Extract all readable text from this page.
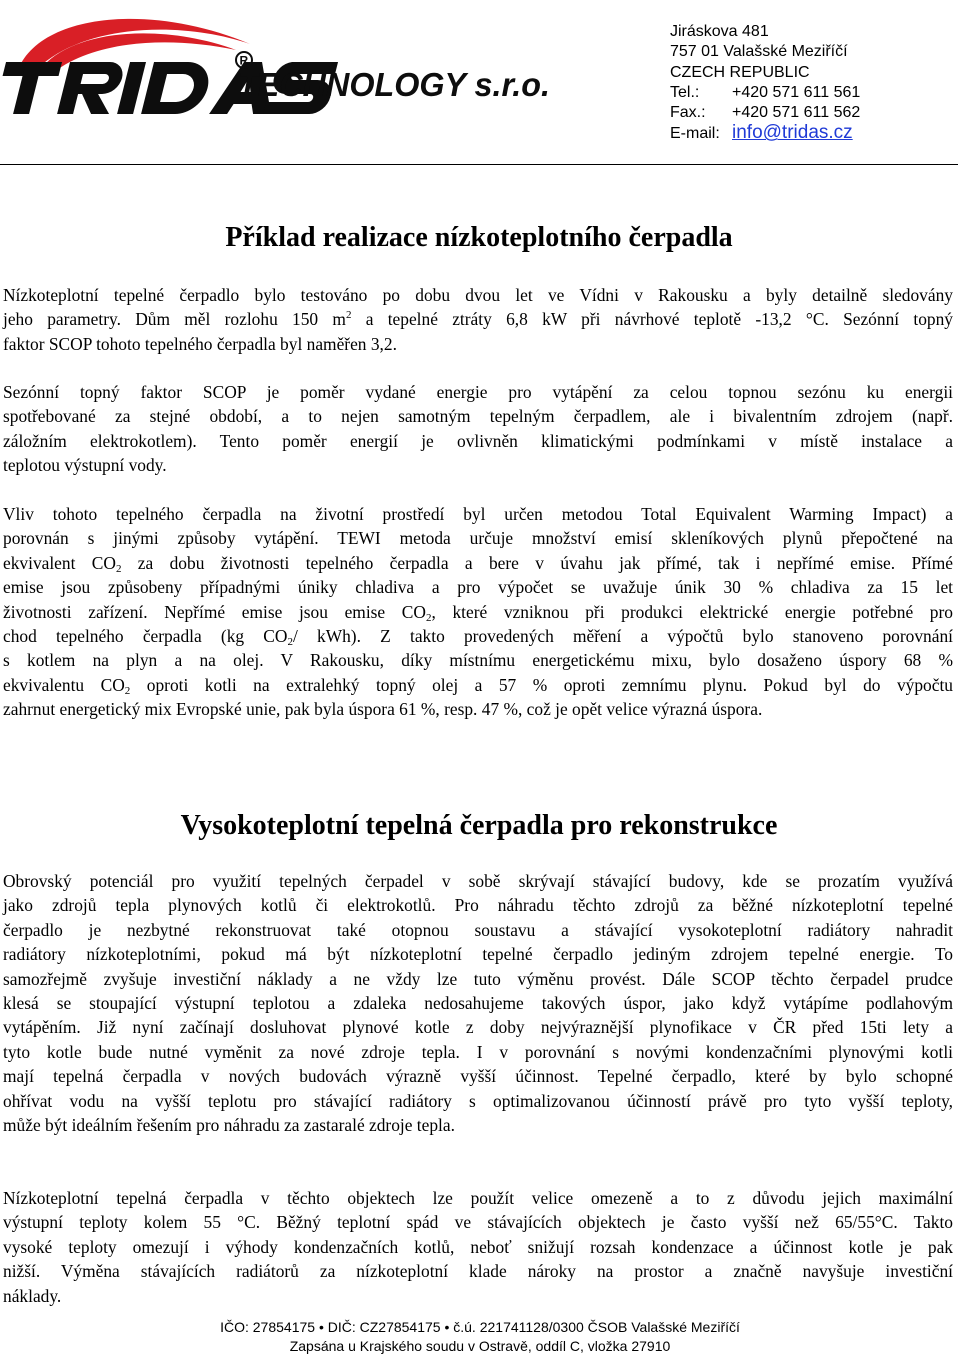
R
TECHNOLOGY s.r.o.
Jiráskova 481
757 01 Valašské Meziříčí
CZECH REPUBLIC
Tel.: +420 571 611 561
Fax.: +420 571 611 562
E-mail: info@tridas.cz
Příklad realizace nízkoteplotního čerpadla
Nízkoteplotní tepelné čerpadlo bylo testováno po dobu dvou let ve Vídni v Rakousku a byly detailně sledovány
jeho parametry. Dům měl rozlohu 150 $m^2$ a tepelné ztráty 6,8 kW při návrhové teplotě -13,2 °C. Sezónní topný
faktor SCOP tohoto tepelného čerpadla byl naměřen 3,2.
Sezónní topný faktor SCOP je poměr vydané energie pro vytápění za celou topnou sezónu ku energii
spotřebované za stejné období, a to nejen samotným tepelným čerpadlem, ale i bivalentním zdrojem (např.
záložním elektrokotlem). Tento poměr energií je ovlivněn klimatickými podmínkami v místě instalace a
teplotou výstupní vody.
Vliv tohoto tepelného čerpadla na životní prostředí byl určen metodou Total Equivalent Warming Impact) a
porovnán s jinými způsoby vytápění. TEWI metoda určuje množství emisí skleníkových plynů přepočtené na
ekvivalent $CO_2$ za dobu životnosti tepelného čerpadla a bere v úvahu jak přímé, tak i nepřímé emise. Přímé
emise jsou způsobeny případnými úniky chladiva a pro výpočet se uvažuje únik 30 % chladiva za 15 let
životnosti zařízení. Nepřímé emise jsou emise $CO_2$, které vzniknou při produkci elektrické energie potřebné pro
chod tepelného čerpadla (kg $CO_2/$ kWh). Z takto provedených měření a výpočtů bylo stanoveno porovnání
s kotlem na plyn a na olej. V Rakousku, díky místnímu energetickému mixu, bylo dosaženo úspory 68 %
ekvivalentu $CO_2$ oproti kotli na extralehký topný olej a 57 % oproti zemnímu plynu. Pokud byl do výpočtu
zahrnut energetický mix Evropské unie, pak byla úspora 61 %, resp. 47 %, což je opět velice výrazná úspora.
Vysokoteplotní tepelná čerpadla pro rekonstrukce
Obrovský potenciál pro využití tepelných čerpadel v sobě skrývají stávající budovy, kde se prozatím využívá
jako zdrojů tepla plynových kotlů či elektrokotlů. Pro náhradu těchto zdrojů za běžné nízkoteplotní tepelné
čerpadlo je nezbytné rekonstruovat také otopnou soustavu a stávající vysokoteplotní radiátory nahradit
radiátory nízkoteplotními, pokud má být nízkoteplotní tepelné čerpadlo jediným zdrojem tepelné energie. To
samozřejmě zvyšuje investiční náklady a ne vždy lze tuto výměnu provést. Dále SCOP těchto čerpadel prudce
klesá se stoupající výstupní teplotou a zdaleka nedosahujeme takových úspor, jako když vytápíme podlahovým
vytápěním. Již nyní začínají dosluhovat plynové kotle z doby nejvýraznější plynofikace v ČR před 15ti lety a
tyto kotle bude nutné vyměnit za nové zdroje tepla. I v porovnání s novými kondenzačními plynovými kotli
mají tepelná čerpadla v nových budovách výrazně vyšší účinnost. Tepelné čerpadlo, které by bylo schopné
ohřívat vodu na vyšší teplotu pro stávající radiátory s optimalizovanou účinností právě pro tyto vyšší teploty,
může být ideálním řešením pro náhradu za zastaralé zdroje tepla.
Nízkoteplotní tepelná čerpadla v těchto objektech lze použít velice omezeně a to z důvodu jejich maximální
výstupní teploty kolem 55 °C. Běžný teplotní spád ve stávajících objektech je často vyšší než 65/55°C. Takto
vysoké teploty omezují i výhody kondenzačních kotlů, neboť snižují rozsah kondenzace a účinnost kotle je pak
nižší. Výměna stávajících radiátorů za nízkoteplotní klade nároky na prostor a značně navyšuje investiční
náklady.
IČO: 27854175 • DIČ: CZ27854175 • č.ú. 221741128/0300 ČSOB Valašské Meziříčí
Zapsána u Krajského soudu v Ostravě, oddíl C, vložka 27910
